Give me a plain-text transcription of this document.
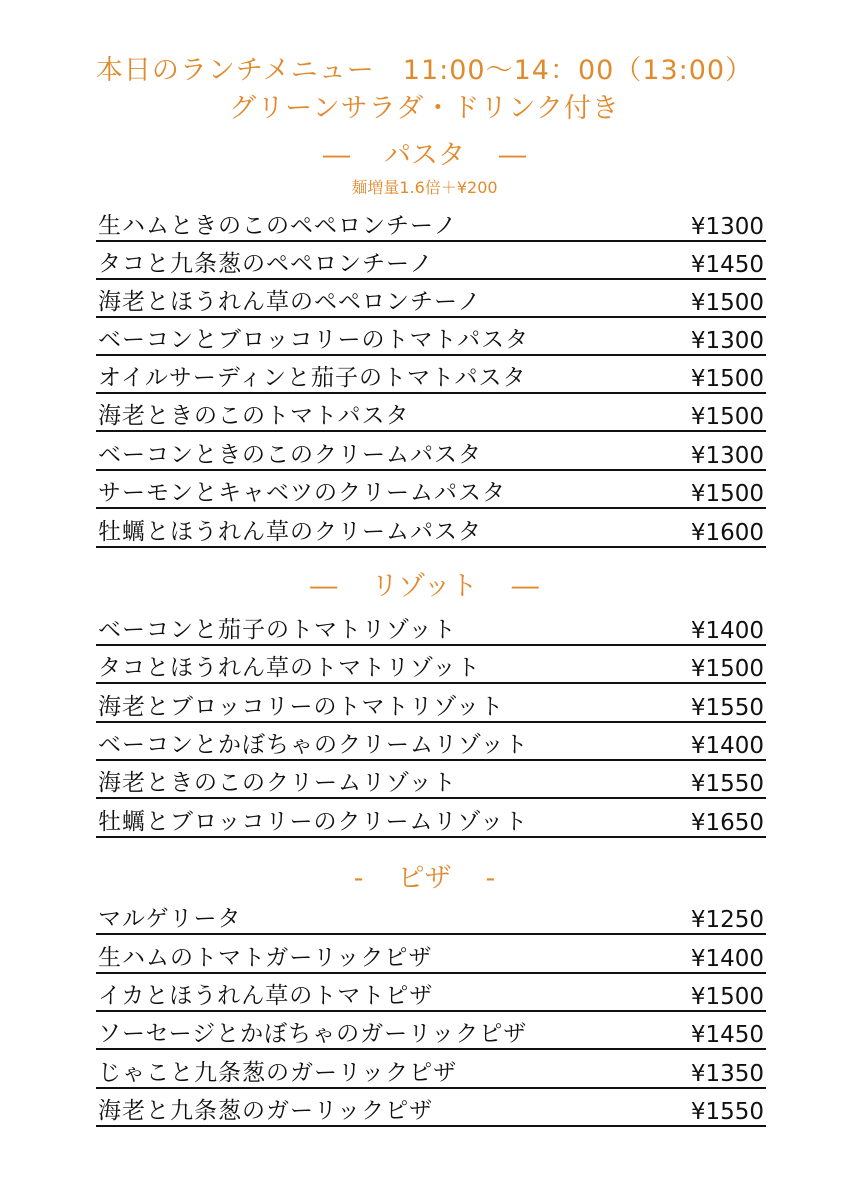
本日のランチメニュー　11:00～14：00（13:00）
グリーンサラダ・ドリンク付き
― パスタ ―
麺増量1.6倍＋¥200
生ハムときのこのペペロンチーノ	¥1300
タコと九条葱のペペロンチーノ	¥1450
海老とほうれん草のペペロンチーノ	¥1500
ベーコンとブロッコリーのトマトパスタ	¥1300
オイルサーディンと茄子のトマトパスタ	¥1500
海老ときのこのトマトパスタ	¥1500
ベーコンときのこのクリームパスタ	¥1300
サーモンとキャベツのクリームパスタ	¥1500
牡蠣とほうれん草のクリームパスタ	¥1600
― リゾット ―
ベーコンと茄子のトマトリゾット	¥1400
タコとほうれん草のトマトリゾット	¥1500
海老とブロッコリーのトマトリゾット	¥1550
ベーコンとかぼちゃのクリームリゾット	¥1400
海老ときのこのクリームリゾット	¥1550
牡蠣とブロッコリーのクリームリゾット	¥1650
- ピザ -
マルゲリータ	¥1250
生ハムのトマトガーリックピザ	¥1400
イカとほうれん草のトマトピザ	¥1500
ソーセージとかぼちゃのガーリックピザ	¥1450
じゃこと九条葱のガーリックピザ	¥1350
海老と九条葱のガーリックピザ	¥1550
